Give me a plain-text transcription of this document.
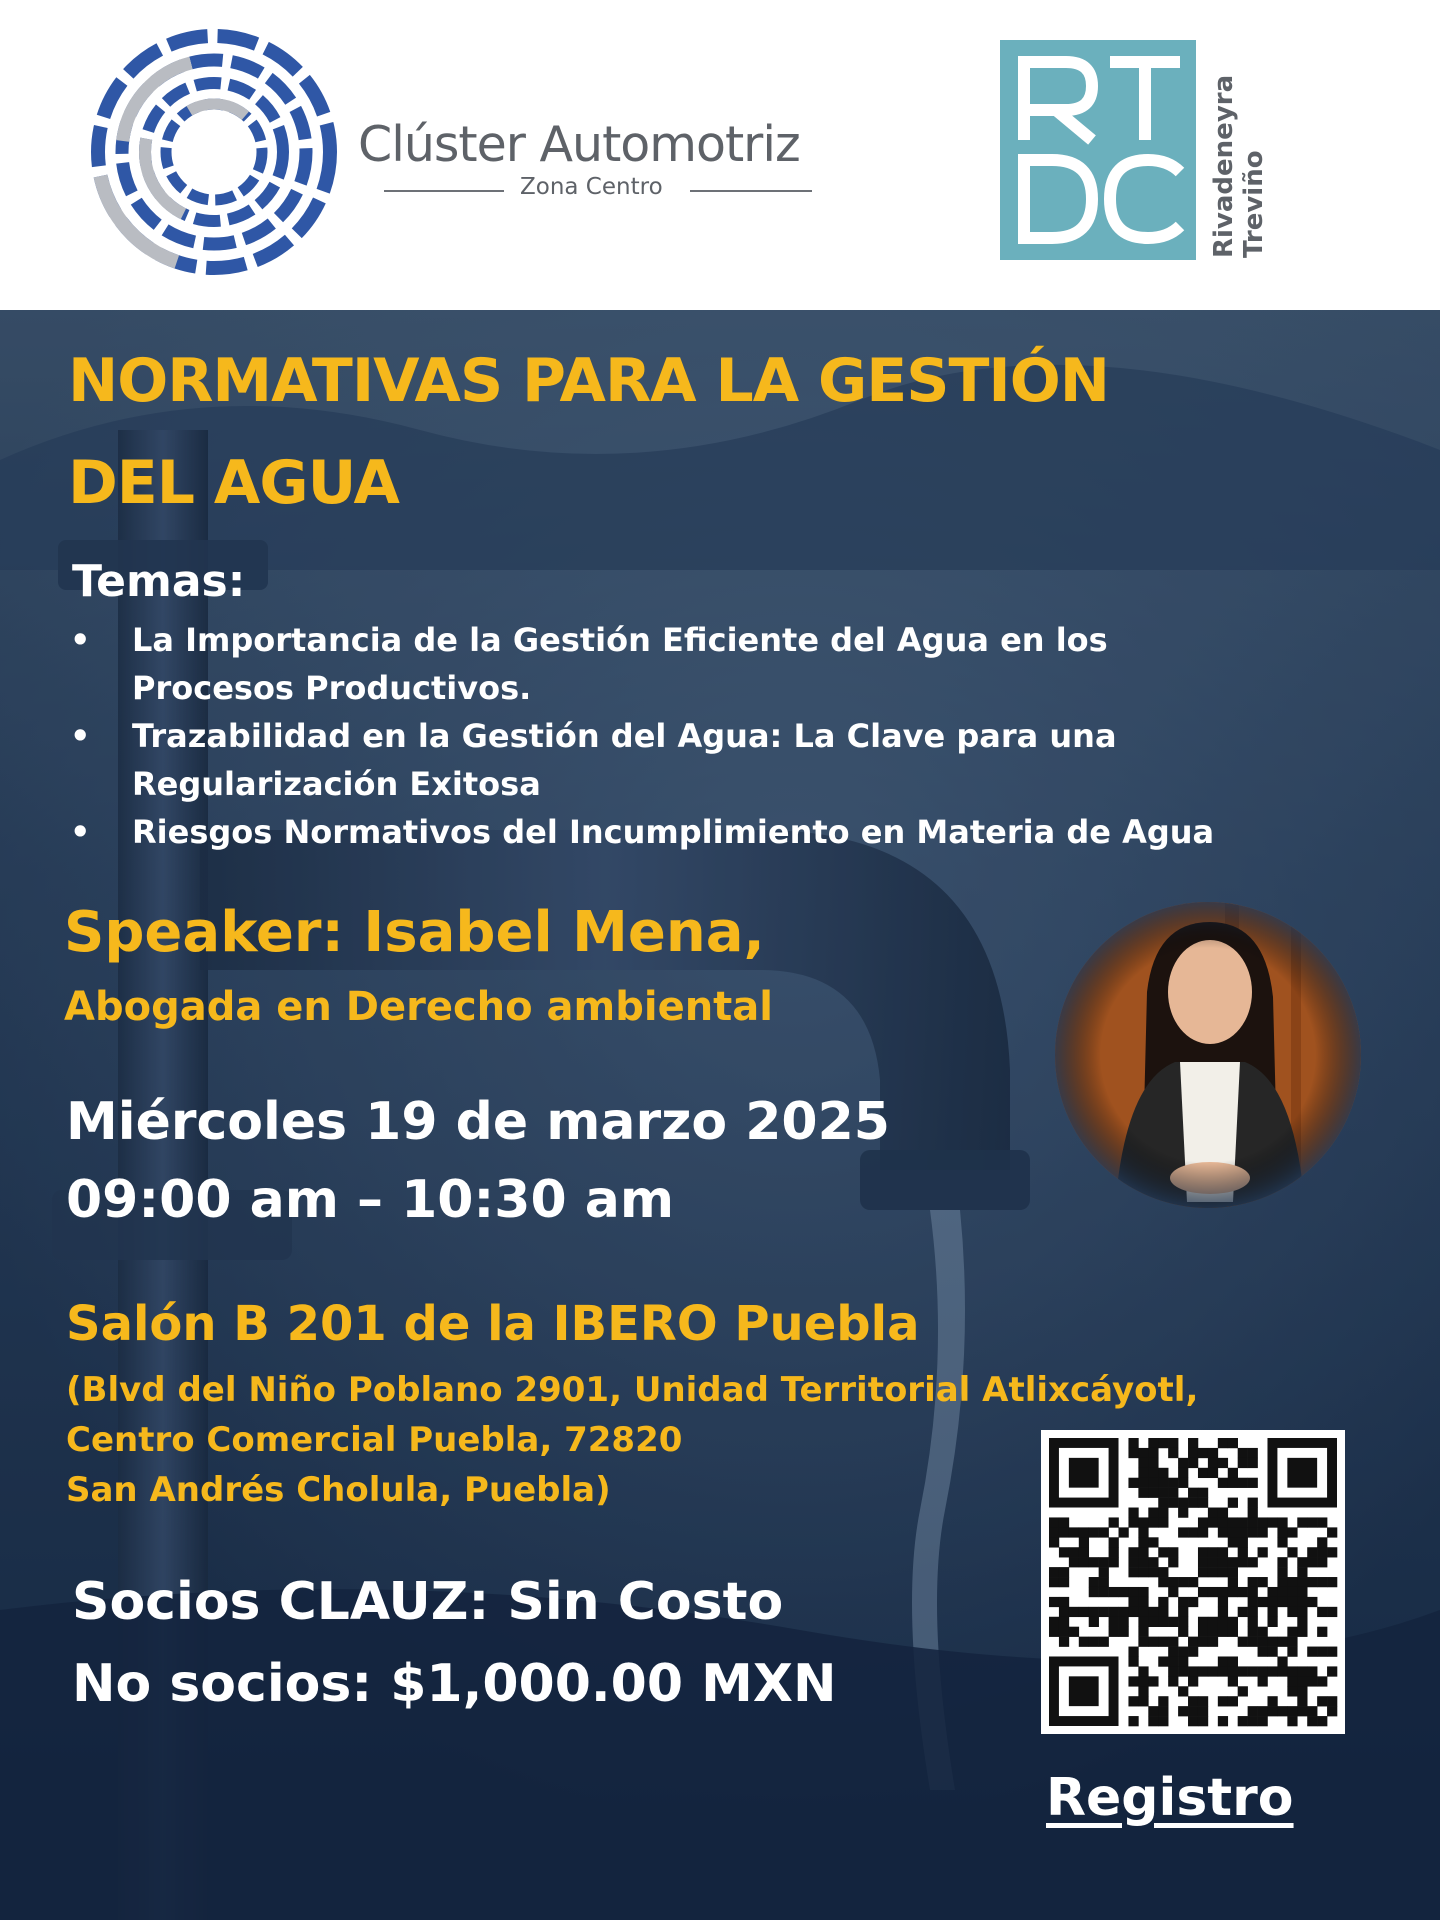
Clúster Automotriz
Zona Centro
RTDC
Rivadeneyra Treviño
NORMATIVAS PARA LA GESTIÓN
DEL AGUA
Temas:
• La Importancia de la Gestión Eficiente del Agua en los
Procesos Productivos.
• Trazabilidad en la Gestión del Agua: La Clave para una
Regularización Exitosa
• Riesgos Normativos del Incumplimiento en Materia de Agua
Speaker: Isabel Mena,
Abogada en Derecho ambiental
Miércoles 19 de marzo 2025
09:00 am – 10:30 am
Salón B 201 de la IBERO Puebla
(Blvd del Niño Poblano 2901, Unidad Territorial Atlixcáyotl,
Centro Comercial Puebla, 72820
San Andrés Cholula, Puebla)
Socios CLAUZ: Sin Costo
No socios: $1,000.00 MXN
Registro
